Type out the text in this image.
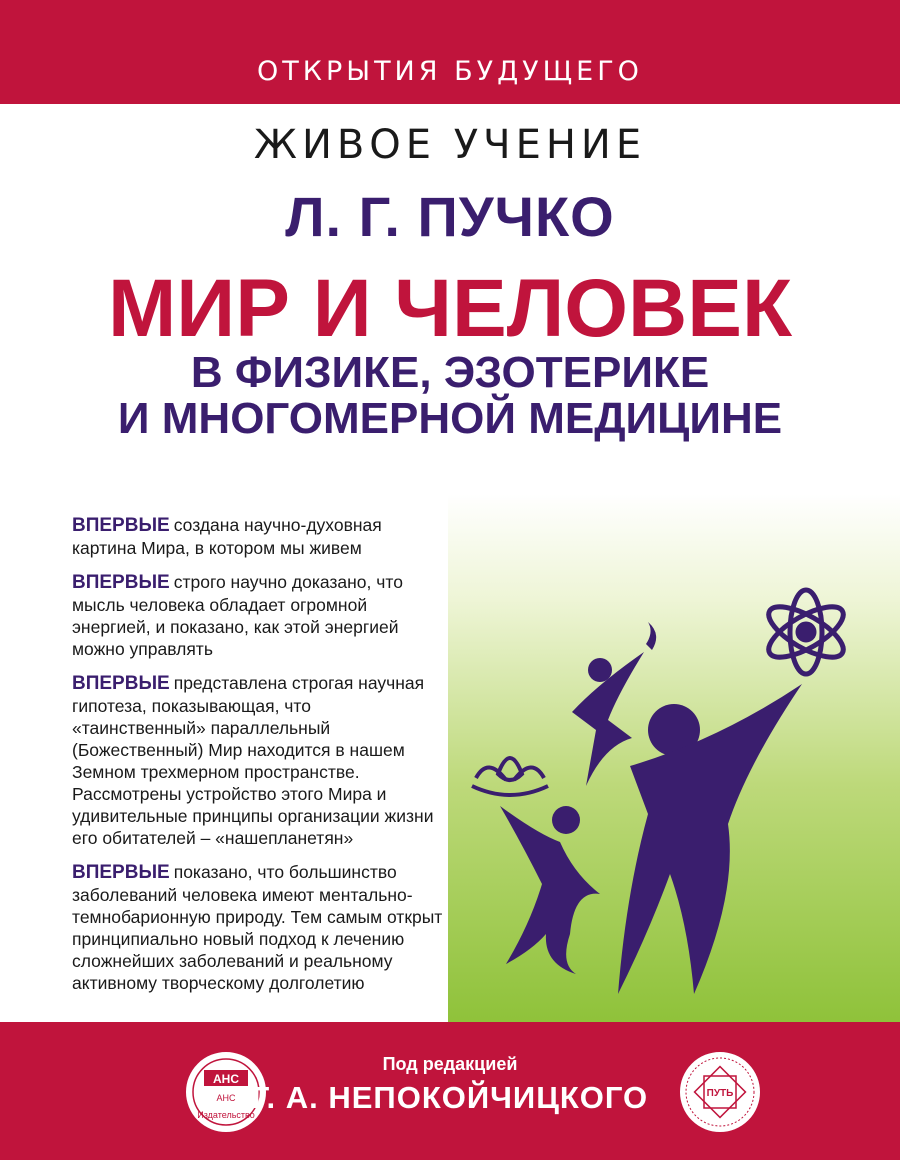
ОТКРЫТИЯ БУДУЩЕГО
ЖИВОЕ УЧЕНИЕ
Л. Г. ПУЧКО
МИР И ЧЕЛОВЕК
В ФИЗИКЕ, ЭЗОТЕРИКЕ
И МНОГОМЕРНОЙ МЕДИЦИНЕ

ВПЕРВЫЕ создана научно-духовная картина Мира, в котором мы живем

ВПЕРВЫЕ строго научно доказано, что мысль человека обладает огромной энергией, и показано, как этой энергией можно управлять

ВПЕРВЫЕ представлена строгая научная гипотеза, показывающая, что «таинственный» параллельный (Божественный) Мир находится в нашем Земном трехмерном пространстве. Рассмотрены устройство этого Мира и удивительные принципы организации жизни его обитателей – «нашепланетян»

ВПЕРВЫЕ показано, что большинство заболеваний человека имеют ментально-темнобарионную природу. Тем самым открыт принципиально новый подход к лечению сложнейших заболеваний и реальному активному творческому долголетию

АНС
АНС
Издательство
Под редакцией
Г. А. НЕПОКОЙЧИЦКОГО	ПУТЬ
